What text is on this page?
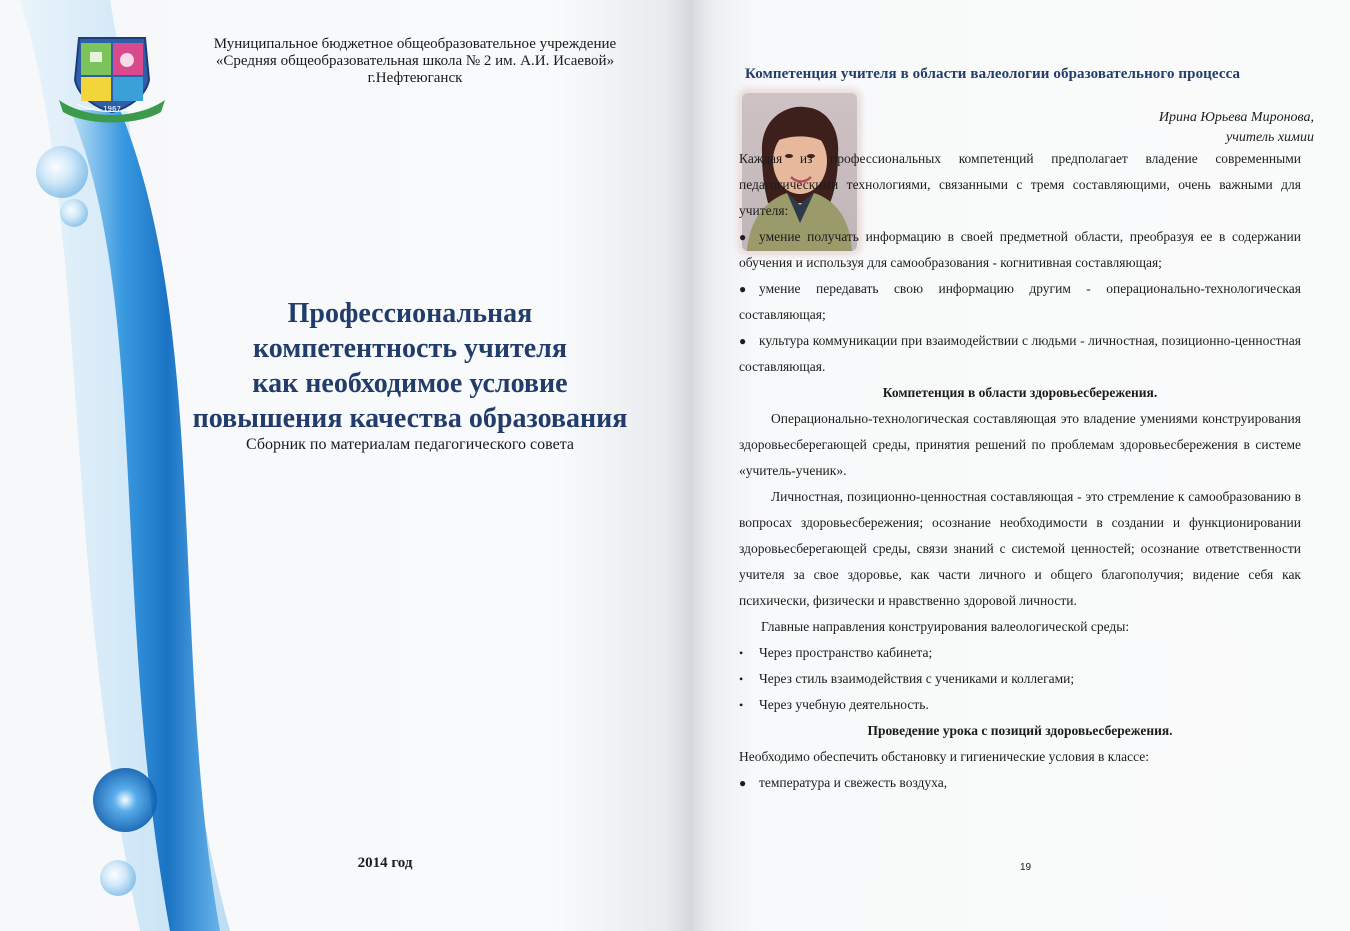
1967
Муниципальное бюджетное общеобразовательное учреждение
«Средняя общеобразовательная школа № 2 им. А.И. Исаевой»
г.Нефтеюганск
Профессиональная
компетентность учителя
как необходимое условие
повышения качества образования
Сборник по материалам педагогического совета
2014 год
Компетенция учителя в области валеологии образовательного процесса
Ирина Юрьева Миронова,
учитель химии

Каждая из профессиональных компетенций предполагает владение современными педагогическими технологиями, связанными с тремя составляющими, очень важными для учителя:

● умение получать информацию в своей предметной области, преобразуя ее в содержании обучения и используя для самообразования - когнитивная составляющая;

● умение передавать свою информацию другим - операционально-технологическая составляющая;

● культура коммуникации при взаимодействии с людьми - личностная, позиционно-ценностная составляющая.

Компетенция в области здоровьесбережения.

Операционально-технологическая составляющая это владение умениями конструирования здоровьесберегающей среды, принятия решений по проблемам здоровьесбережения в системе «учитель-ученик».

Личностная, позиционно-ценностная составляющая - это стремление к самообразованию в вопросах здоровьесбережения; осознание необходимости в создании и функционировании здоровьесберегающей среды, связи знаний с системой ценностей; осознание ответственности учителя за свое здоровье, как части личного и общего благополучия; видение себя как психически, физически и нравственно здоровой личности.

Главные направления конструирования валеологической среды:

• Через пространство кабинета;

• Через стиль взаимодействия с учениками и коллегами;

• Через учебную деятельность.

Проведение урока с позиций здоровьесбережения.

Необходимо обеспечить обстановку и гигиенические условия в классе:

● температура и свежесть воздуха,

19
